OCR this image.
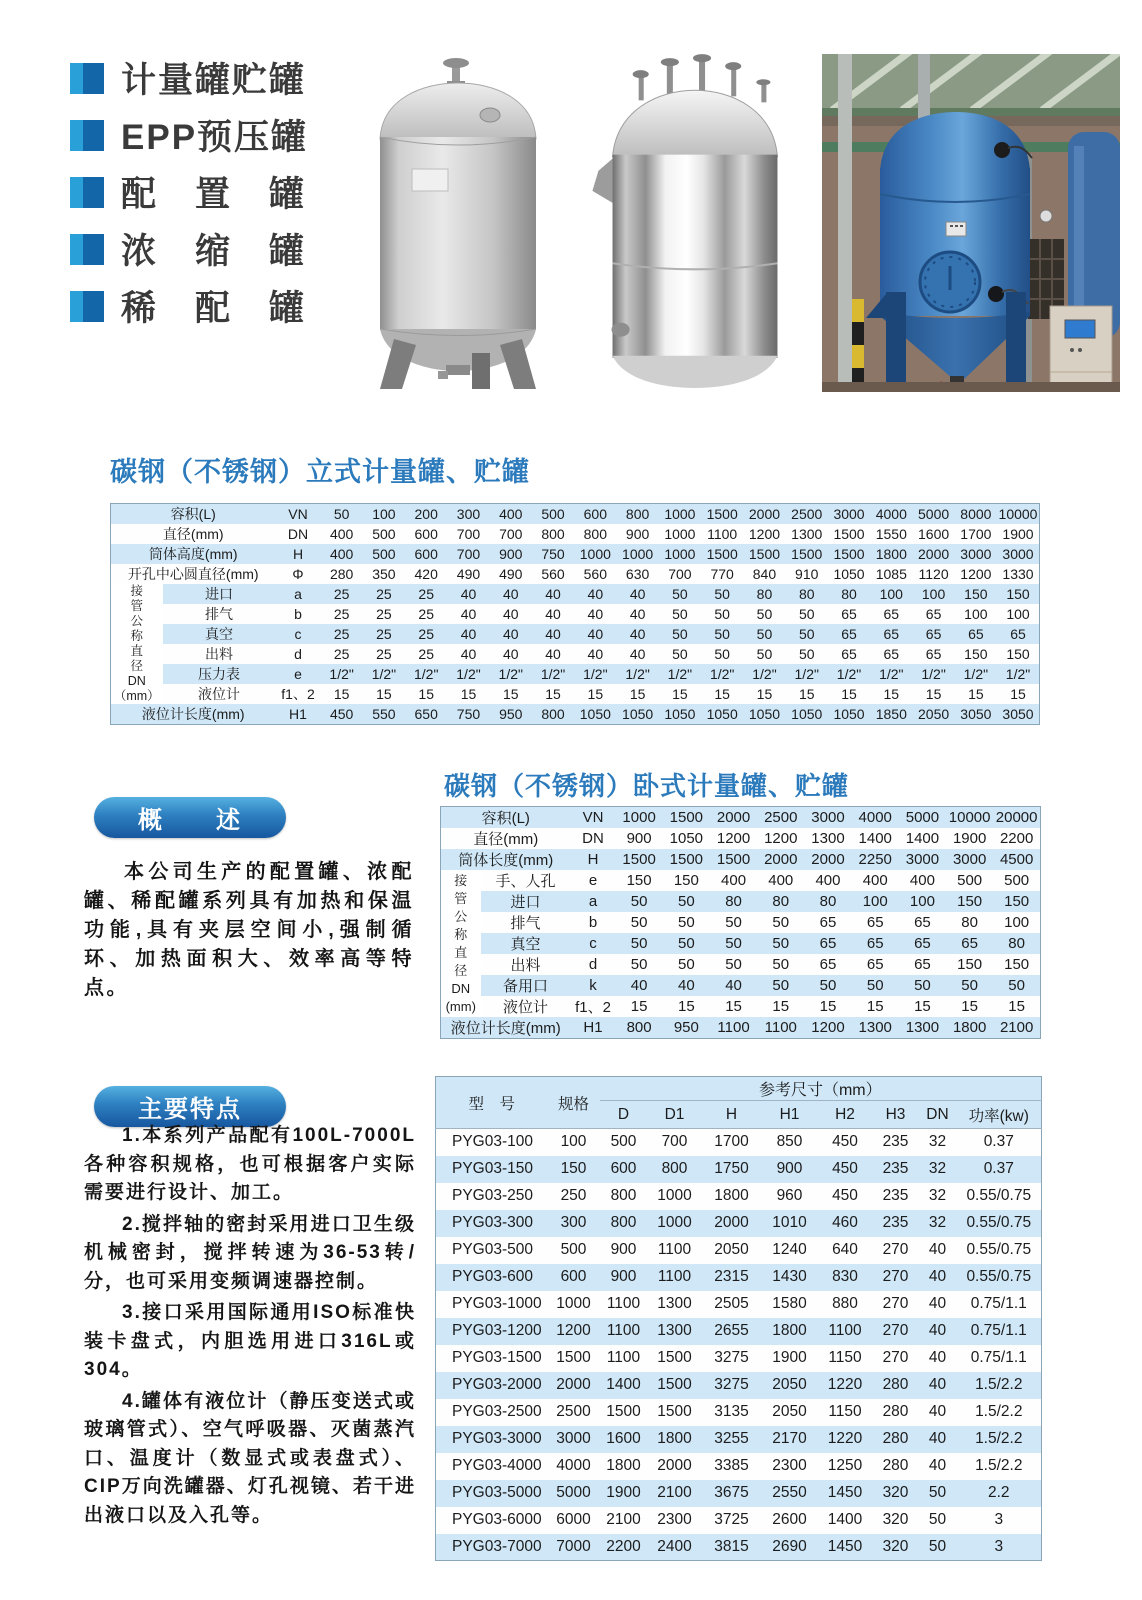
计量罐贮罐
EPP预压罐
配　置　罐
浓　缩　罐
稀　配　罐
碳钢（不锈钢）立式计量罐、贮罐
容积(L)		VN	50	100	200	300	400	500	600	800	1000	1500	2000	2500	3000	4000	5000	8000	10000
直径(mm)		DN	400	500	600	700	700	800	800	900	1000	1100	1200	1300	1500	1550	1600	1700	1900
筒体高度(mm)		H	400	500	600	700	900	750	1000	1000	1000	1500	1500	1500	1500	1800	2000	3000	3000
开孔中心圆直径(mm)		Φ	280	350	420	490	490	560	560	630	700	770	840	910	1050	1085	1120	1200	1330

接
管
公
称
直
径
DN
（mm）
	进口	a	25	25	25	40	40	40	40	40	50	50	80	80	80	100	100	150	150
	排气	b	25	25	25	40	40	40	40	40	50	50	50	50	65	65	65	100	100
	真空	c	25	25	25	40	40	40	40	40	50	50	50	50	65	65	65	65	65
	出料	d	25	25	25	40	40	40	40	40	50	50	50	50	65	65	65	150	150
	压力表	e	1/2"	1/2"	1/2"	1/2"	1/2"	1/2"	1/2"	1/2"	1/2"	1/2"	1/2"	1/2"	1/2"	1/2"	1/2"	1/2"	1/2"
	液位计	f1、2	15	15	15	15	15	15	15	15	15	15	15	15	15	15	15	15	15
液位计长度(mm)		H1	450	550	650	750	950	800	1050	1050	1050	1050	1050	1050	1050	1850	2050	3050	3050
概　　述

本公司生产的配置罐、浓配罐、稀配罐系列具有加热和保温功能,具有夹层空间小,强制循环、加热面积大、效率高等特点。

碳钢（不锈钢）卧式计量罐、贮罐
容积(L)		VN	1000	1500	2000	2500	3000	4000	5000	10000	20000
直径(mm)		DN	900	1050	1200	1200	1300	1400	1400	1900	2200
筒体长度(mm)		H	1500	1500	1500	2000	2000	2250	3000	3000	4500

接
管
公
称
直
径
DN
(mm)
	手、人孔	e	150	150	400	400	400	400	400	500	500
	进口	a	50	50	80	80	80	100	100	150	150
	排气	b	50	50	50	50	65	65	65	80	100
	真空	c	50	50	50	50	65	65	65	65	80
	出料	d	50	50	50	50	65	65	65	150	150
	备用口	k	40	40	40	50	50	50	50	50	50
	液位计	f1、2	15	15	15	15	15	15	15	15	15
液位计长度(mm)		H1	800	950	1100	1100	1200	1300	1300	1800	2100
主要特点

1.本系列产品配有100L-7000L各种容积规格，也可根据客户实际需要进行设计、加工。

2.搅拌轴的密封采用进口卫生级机械密封，搅拌转速为36-53转/分，也可采用变频调速器控制。

3.接口采用国际通用ISO标准快装卡盘式，内胆选用进口316L或304。

4.罐体有液位计（静压变送式或玻璃管式）、空气呼吸器、灭菌蒸汽口、温度计（数显式或表盘式）、CIP万向洗罐器、灯孔视镜、若干进出液口以及入孔等。

型　号	规格	参考尺寸（mm）							
		D	D1	H	H1	H2	H3	DN	功率(kw)
PYG03-100	100	500	700	1700	850	450	235	32	0.37
PYG03-150	150	600	800	1750	900	450	235	32	0.37
PYG03-250	250	800	1000	1800	960	450	235	32	0.55/0.75
PYG03-300	300	800	1000	2000	1010	460	235	32	0.55/0.75
PYG03-500	500	900	1100	2050	1240	640	270	40	0.55/0.75
PYG03-600	600	900	1100	2315	1430	830	270	40	0.55/0.75
PYG03-1000	1000	1100	1300	2505	1580	880	270	40	0.75/1.1
PYG03-1200	1200	1100	1300	2655	1800	1100	270	40	0.75/1.1
PYG03-1500	1500	1100	1500	3275	1900	1150	270	40	0.75/1.1
PYG03-2000	2000	1400	1500	3275	2050	1220	280	40	1.5/2.2
PYG03-2500	2500	1500	1500	3135	2050	1150	280	40	1.5/2.2
PYG03-3000	3000	1600	1800	3255	2170	1220	280	40	1.5/2.2
PYG03-4000	4000	1800	2000	3385	2300	1250	280	40	1.5/2.2
PYG03-5000	5000	1900	2100	3675	2550	1450	320	50	2.2
PYG03-6000	6000	2100	2300	3725	2600	1400	320	50	3
PYG03-7000	7000	2200	2400	3815	2690	1450	320	50	3
